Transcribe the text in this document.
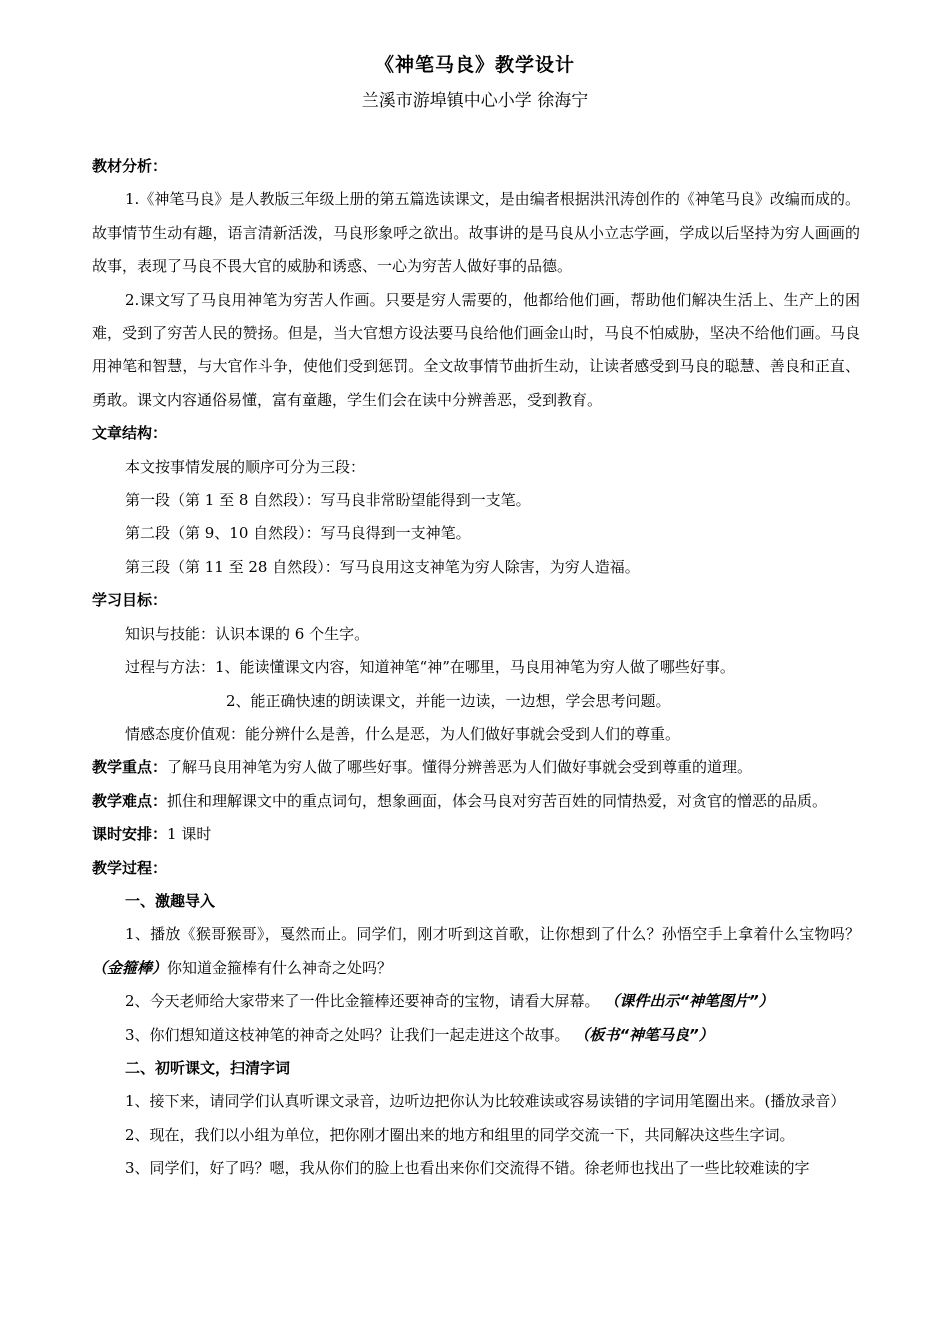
《神笔马良》教学设计
兰溪市游埠镇中心小学 徐海宁

教材分析：

1.《神笔马良》是人教版三年级上册的第五篇选读课文，是由编者根据洪汛涛创作的《神笔马良》改编而成的。故事情节生动有趣，语言清新活泼，马良形象呼之欲出。故事讲的是马良从小立志学画，学成以后坚持为穷人画画的故事，表现了马良不畏大官的威胁和诱惑、一心为穷苦人做好事的品德。

2.课文写了马良用神笔为穷苦人作画。只要是穷人需要的，他都给他们画，帮助他们解决生活上、生产上的困难，受到了穷苦人民的赞扬。但是，当大官想方设法要马良给他们画金山时，马良不怕威胁，坚决不给他们画。马良用神笔和智慧，与大官作斗争，使他们受到惩罚。全文故事情节曲折生动，让读者感受到马良的聪慧、善良和正直、勇敢。课文内容通俗易懂，富有童趣，学生们会在读中分辨善恶，受到教育。

文章结构：

本文按事情发展的顺序可分为三段：

第一段（第 1 至 8 自然段）：写马良非常盼望能得到一支笔。

第二段（第 9、10 自然段）：写马良得到一支神笔。

第三段（第 11 至 28 自然段）：写马良用这支神笔为穷人除害，为穷人造福。

学习目标：

知识与技能：认识本课的 6 个生字。

过程与方法：1、能读懂课文内容，知道神笔“神”在哪里，马良用神笔为穷人做了哪些好事。

2、能正确快速的朗读课文，并能一边读，一边想，学会思考问题。

情感态度价值观：能分辨什么是善，什么是恶，为人们做好事就会受到人们的尊重。

教学重点：了解马良用神笔为穷人做了哪些好事。懂得分辨善恶为人们做好事就会受到尊重的道理。

教学难点：抓住和理解课文中的重点词句，想象画面，体会马良对穷苦百姓的同情热爱，对贪官的憎恶的品质。

课时安排：1 课时

教学过程：

一、激趣导入

1、播放《猴哥猴哥》，戛然而止。同学们，刚才听到这首歌，让你想到了什么？孙悟空手上拿着什么宝物吗？（金箍棒）你知道金箍棒有什么神奇之处吗？

2、今天老师给大家带来了一件比金箍棒还要神奇的宝物，请看大屏幕。 （课件出示“神笔图片”）

3、你们想知道这枝神笔的神奇之处吗？让我们一起走进这个故事。 （板书“神笔马良”）

二、初听课文，扫清字词

1、接下来，请同学们认真听课文录音，边听边把你认为比较难读或容易读错的字词用笔圈出来。(播放录音）

2、现在，我们以小组为单位，把你刚才圈出来的地方和组里的同学交流一下，共同解决这些生字词。

3、同学们，好了吗？嗯，我从你们的脸上也看出来你们交流得不错。徐老师也找出了一些比较难读的字
